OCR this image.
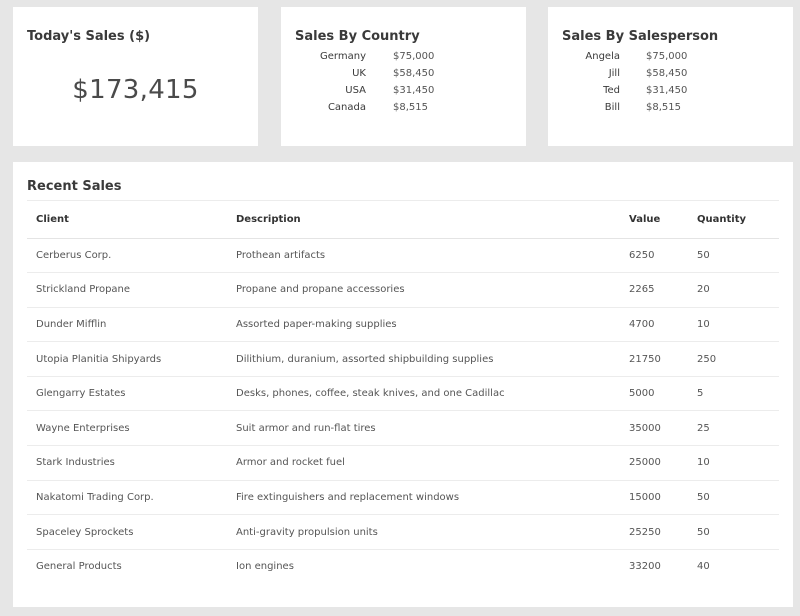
Today's Sales ($)
$173,415
Sales By Country
Germany	$75,000
UK	$58,450
USA	$31,450
Canada	$8,515
Sales By Salesperson
Angela	$75,000
Jill	$58,450
Ted	$31,450
Bill	$8,515
Recent Sales
Client	Description	Value	Quantity
Cerberus Corp.	Prothean artifacts	6250	50
Strickland Propane	Propane and propane accessories	2265	20
Dunder Mifflin	Assorted paper-making supplies	4700	10
Utopia Planitia Shipyards	Dilithium, duranium, assorted shipbuilding supplies	21750	250
Glengarry Estates	Desks, phones, coffee, steak knives, and one Cadillac	5000	5
Wayne Enterprises	Suit armor and run-flat tires	35000	25
Stark Industries	Armor and rocket fuel	25000	10
Nakatomi Trading Corp.	Fire extinguishers and replacement windows	15000	50
Spaceley Sprockets	Anti-gravity propulsion units	25250	50
General Products	Ion engines	33200	40
